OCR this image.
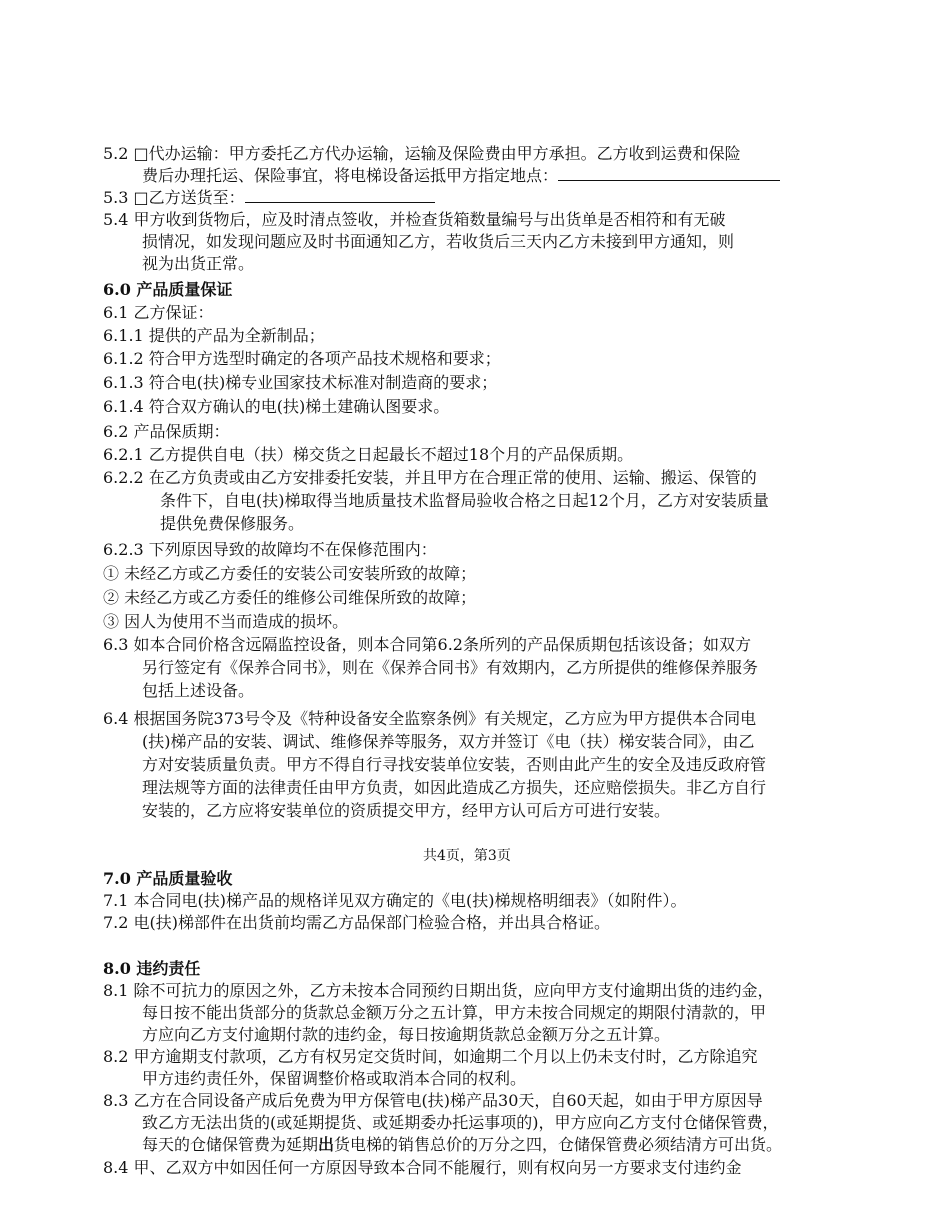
5.2 □代办运输：甲方委托乙方代办运输，运输及保险费由甲方承担。乙方收到运费和保险
费后办理托运、保险事宜，将电梯设备运抵甲方指定地点：
5.3 □乙方送货至：
5.4 甲方收到货物后，应及时清点签收，并检查货箱数量编号与出货单是否相符和有无破
损情况，如发现问题应及时书面通知乙方，若收货后三天内乙方未接到甲方通知，则
视为出货正常。
6.0 产品质量保证
6.1 乙方保证：
6.1.1 提供的产品为全新制品；
6.1.2 符合甲方选型时确定的各项产品技术规格和要求；
6.1.3 符合电(扶)梯专业国家技术标准对制造商的要求；
6.1.4 符合双方确认的电(扶)梯土建确认图要求。
6.2 产品保质期：
6.2.1 乙方提供自电（扶）梯交货之日起最长不超过18个月的产品保质期。
6.2.2 在乙方负责或由乙方安排委托安装，并且甲方在合理正常的使用、运输、搬运、保管的
条件下，自电(扶)梯取得当地质量技术监督局验收合格之日起12个月，乙方对安装质量
提供免费保修服务。
6.2.3 下列原因导致的故障均不在保修范围内：
① 未经乙方或乙方委任的安装公司安装所致的故障；
② 未经乙方或乙方委任的维修公司维保所致的故障；
③ 因人为使用不当而造成的损坏。
6.3 如本合同价格含远隔监控设备，则本合同第6.2条所列的产品保质期包括该设备；如双方
另行签定有《保养合同书》，则在《保养合同书》有效期内，乙方所提供的维修保养服务
包括上述设备。
6.4 根据国务院373号令及《特种设备安全监察条例》有关规定，乙方应为甲方提供本合同电
(扶)梯产品的安装、调试、维修保养等服务，双方并签订《电（扶）梯安装合同》，由乙
方对安装质量负责。甲方不得自行寻找安装单位安装，否则由此产生的安全及违反政府管
理法规等方面的法律责任由甲方负责，如因此造成乙方损失，还应赔偿损失。非乙方自行
安装的，乙方应将安装单位的资质提交甲方，经甲方认可后方可进行安装。
共4页，第3页
7.0 产品质量验收
7.1 本合同电(扶)梯产品的规格详见双方确定的《电(扶)梯规格明细表》（如附件）。
7.2 电(扶)梯部件在出货前均需乙方品保部门检验合格，并出具合格证。
8.0 违约责任
8.1 除不可抗力的原因之外，乙方未按本合同预约日期出货，应向甲方支付逾期出货的违约金，
每日按不能出货部分的货款总金额万分之五计算，甲方未按合同规定的期限付清款的，甲
方应向乙方支付逾期付款的违约金，每日按逾期货款总金额万分之五计算。
8.2 甲方逾期支付款项，乙方有权另定交货时间，如逾期二个月以上仍未支付时，乙方除追究
甲方违约责任外，保留调整价格或取消本合同的权利。
8.3 乙方在合同设备产成后免费为甲方保管电(扶)梯产品30天，自60天起，如由于甲方原因导
致乙方无法出货的(或延期提货、或延期委办托运事项的)，甲方应向乙方支付仓储保管费，
每天的仓储保管费为延期出货电梯的销售总价的万分之四，仓储保管费必须结清方可出货。
8.4 甲、乙双方中如因任何一方原因导致本合同不能履行，则有权向另一方要求支付违约金
